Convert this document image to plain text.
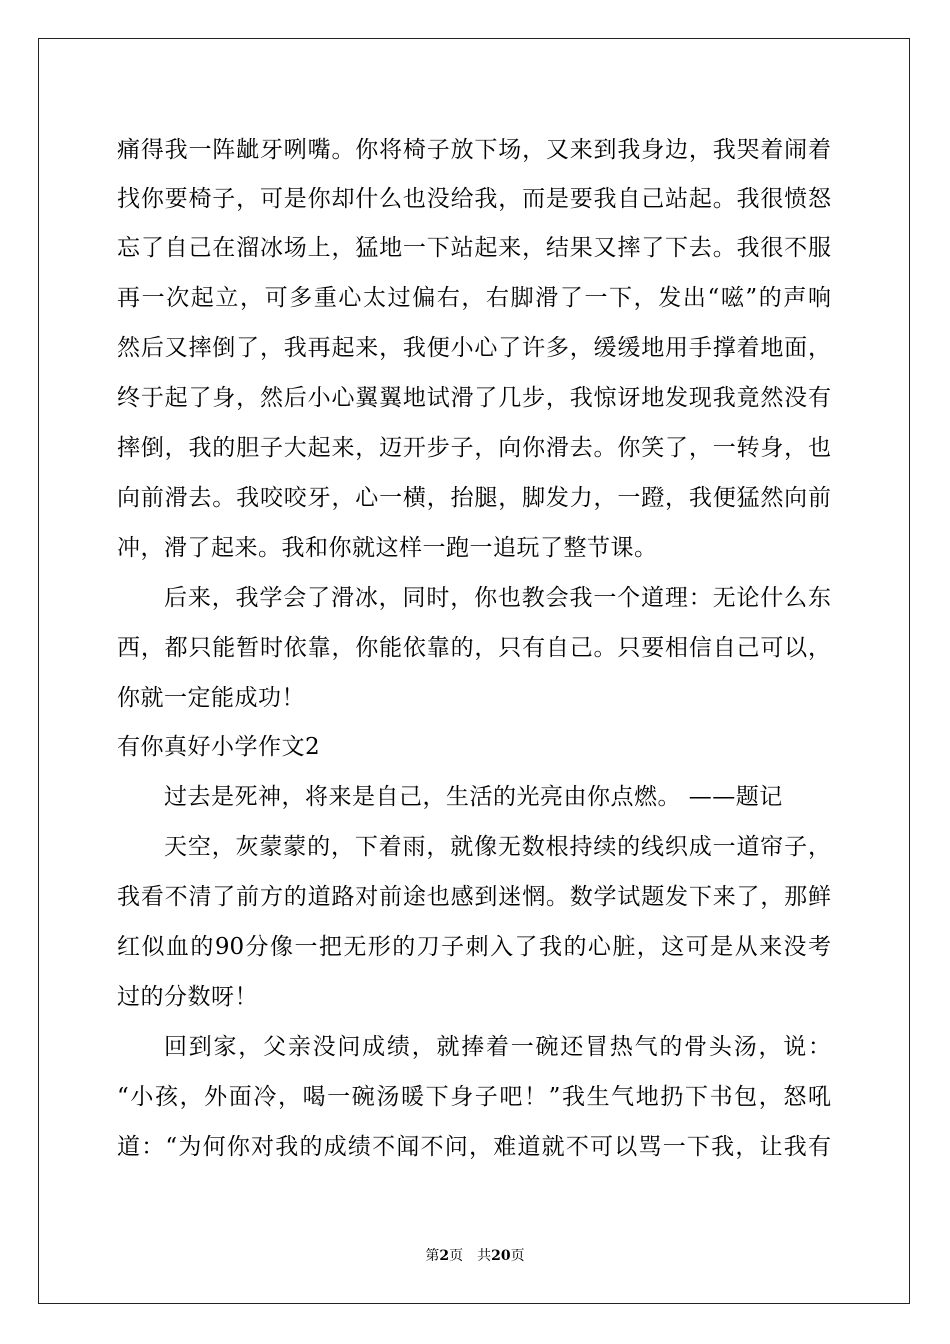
痛得我一阵龇牙咧嘴。你将椅子放下场，又来到我身边，我哭着闹着
找你要椅子，可是你却什么也没给我，而是要我自己站起。我很愤怒
忘了自己在溜冰场上，猛地一下站起来，结果又摔了下去。我很不服
再一次起立，可多重心太过偏右，右脚滑了一下，发出“嗞”的声响
然后又摔倒了，我再起来，我便小心了许多，缓缓地用手撑着地面，
终于起了身，然后小心翼翼地试滑了几步，我惊讶地发现我竟然没有
摔倒，我的胆子大起来，迈开步子，向你滑去。你笑了，一转身，也
向前滑去。我咬咬牙，心一横，抬腿，脚发力，一蹬，我便猛然向前
冲，滑了起来。我和你就这样一跑一追玩了整节课。
后来，我学会了滑冰，同时，你也教会我一个道理：无论什么东
西，都只能暂时依靠，你能依靠的，只有自己。只要相信自己可以，
你就一定能成功！
有你真好小学作文2
过去是死神，将来是自己，生活的光亮由你点燃。 ——题记
天空，灰蒙蒙的，下着雨，就像无数根持续的线织成一道帘子，
我看不清了前方的道路对前途也感到迷惘。数学试题发下来了，那鲜
红似血的90分像一把无形的刀子刺入了我的心脏，这可是从来没考
过的分数呀！
回到家，父亲没问成绩，就捧着一碗还冒热气的骨头汤，说：
“小孩，外面冷，喝一碗汤暖下身子吧！”我生气地扔下书包，怒吼
道：“为何你对我的成绩不闻不问，难道就不可以骂一下我，让我有
第2页　共20页
